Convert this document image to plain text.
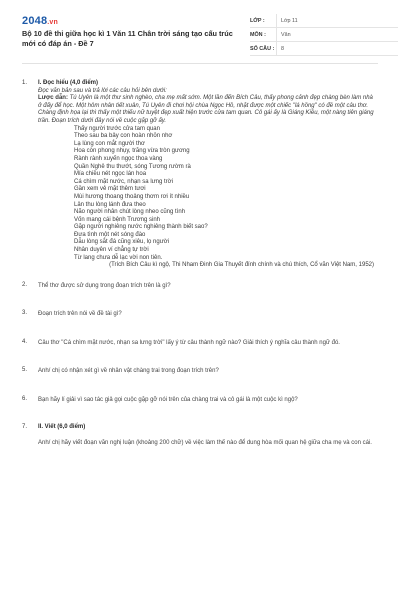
2048.vn
Bộ 10 đề thi giữa học kì 1 Văn 11 Chân trời sáng tạo cấu trúc mới có đáp án - Đề 7
LỚP :	Lớp 11
MÔN :	Văn
SỐ CÂU :	8
1. I. Đọc hiểu (4,0 điểm)
Đọc văn bản sau và trả lời các câu hỏi bên dưới:
Lược dẫn: Tú Uyên là một thư sinh nghèo, cha mẹ mất sớm. Một lần đến Bích Câu, thấy phong cảnh đẹp chàng bèn làm nhà ở đấy để học. Một hôm nhân tiết xuân, Tú Uyên đi chơi hội chùa Ngọc Hồ, nhặt được một chiếc "lá hồng" có đề một câu thơ. Chàng định họa lại thì thấy một thiếu nữ tuyệt đẹp xuất hiện trước cửa tam quan. Cô gái ấy là Giáng Kiều, một nàng tiên giáng trần. Đoạn trích dưới đây nói về cuộc gặp gỡ ấy.
Thấy người trước cửa tam quan
Theo sau ba bảy con hoàn nhỏn nhơ
Lạ lùng con mắt người thơ
Hoa còn phong nhụy, trăng vừa tròn gương
Rành rành xuyến ngọc thoa vàng
Quần Nghê thu thướt, sóng Tương rườm rà
Mía chiều nét ngọc lán hoa
Cá chìm mặt nước, nhạn sa lưng trời
Gần xem vẻ mặt thêm tươi
Mùi hương thoang thoảng thơm rơi ít nhiều
Lân thu lòng lánh đưa theo
Não người nhân chút lòng nheo cũng tình
Vốn mang cái bệnh Trương sinh
Gặp người nghiêng nước nghiêng thành biết sao?
Đưa tình một nét sóng đào
Dẫu lòng sắt đá cũng xiêu, lọ người
Nhân duyên ví chẳng tự trời
Từ lang chưa dễ lạc vời non tiên.
(Trích Bích Câu kì ngộ, Thi Nham Đinh Gia Thuyết đính chính và chú thích, Cổ văn Việt Nam, 1952)
2. Thể thơ được sử dụng trong đoạn trích trên là gì?
3. Đoạn trích trên nói về đề tài gì?
4. Câu thơ "Cá chìm mặt nước, nhạn sa lưng trời" lấy ý từ câu thành ngữ nào? Giải thích ý nghĩa câu thành ngữ đó.
5. Anh/ chị có nhận xét gì về nhân vật chàng trai trong đoạn trích trên?
6. Bạn hãy lí giải vì sao tác giả gọi cuộc gặp gỡ nói trên của chàng trai và cô gái là một cuộc kì ngộ?
7. II. Viết (6,0 điểm)
Anh/ chị hãy viết đoạn văn nghị luận (khoảng 200 chữ) về việc làm thế nào để dung hòa mối quan hệ giữa cha mẹ và con cái.
